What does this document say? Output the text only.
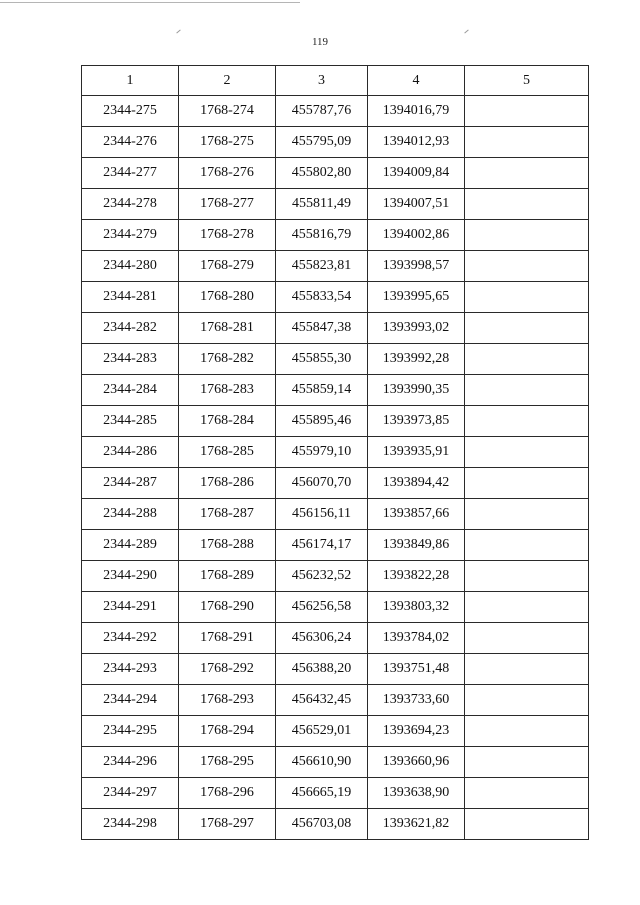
119
1	2	3	4	5
2344-275	1768-274	455787,76	1394016,79	
2344-276	1768-275	455795,09	1394012,93	
2344-277	1768-276	455802,80	1394009,84	
2344-278	1768-277	455811,49	1394007,51	
2344-279	1768-278	455816,79	1394002,86	
2344-280	1768-279	455823,81	1393998,57	
2344-281	1768-280	455833,54	1393995,65	
2344-282	1768-281	455847,38	1393993,02	
2344-283	1768-282	455855,30	1393992,28	
2344-284	1768-283	455859,14	1393990,35	
2344-285	1768-284	455895,46	1393973,85	
2344-286	1768-285	455979,10	1393935,91	
2344-287	1768-286	456070,70	1393894,42	
2344-288	1768-287	456156,11	1393857,66	
2344-289	1768-288	456174,17	1393849,86	
2344-290	1768-289	456232,52	1393822,28	
2344-291	1768-290	456256,58	1393803,32	
2344-292	1768-291	456306,24	1393784,02	
2344-293	1768-292	456388,20	1393751,48	
2344-294	1768-293	456432,45	1393733,60	
2344-295	1768-294	456529,01	1393694,23	
2344-296	1768-295	456610,90	1393660,96	
2344-297	1768-296	456665,19	1393638,90	
2344-298	1768-297	456703,08	1393621,82	
